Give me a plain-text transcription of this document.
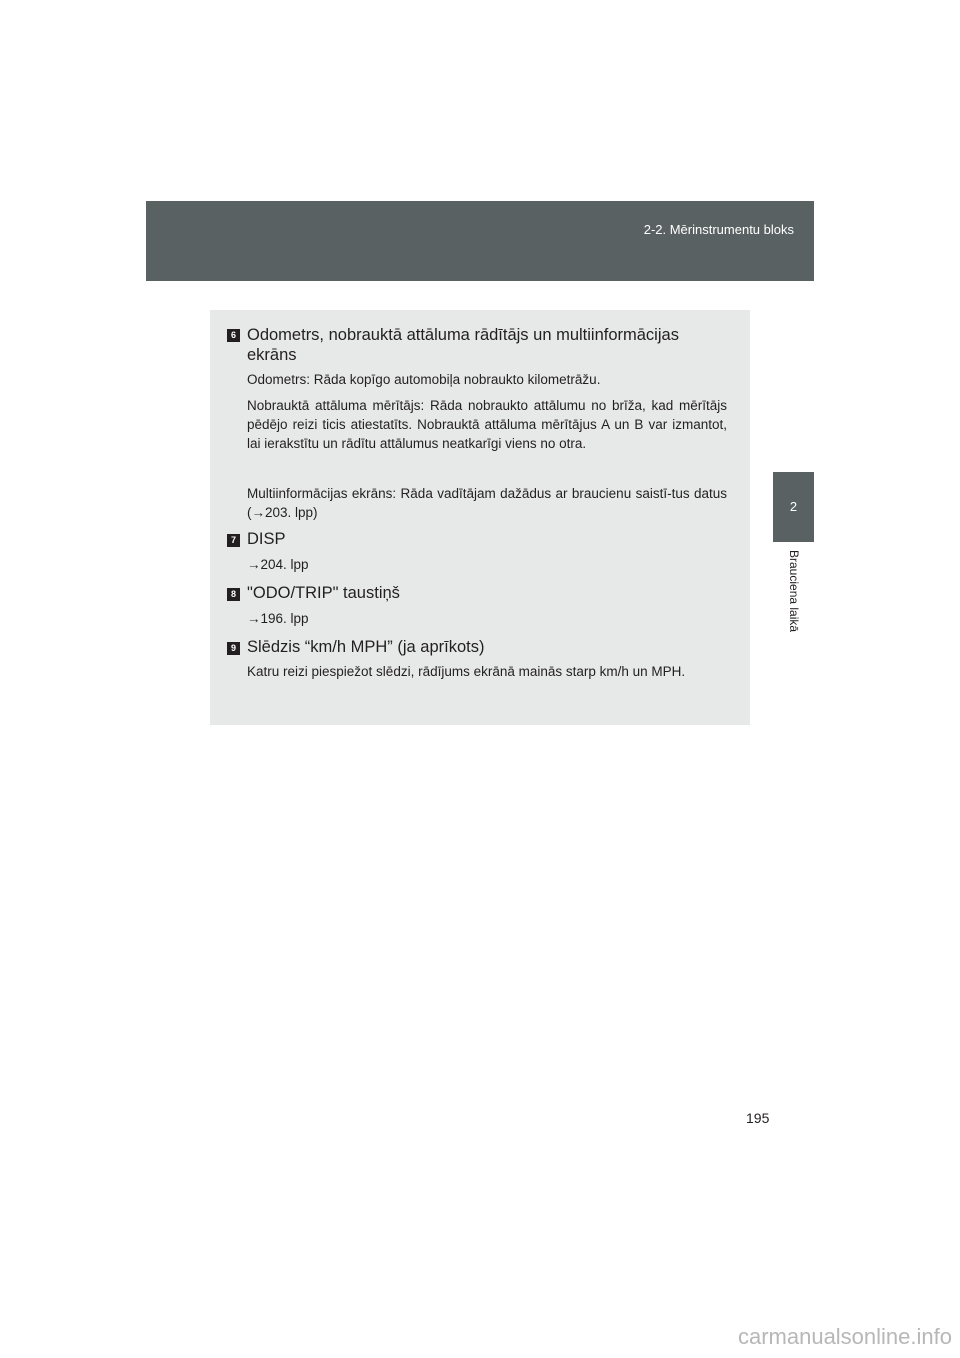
2-2. Mērinstrumentu bloks
2
Brauciena laikā
6 Odometrs, nobrauktā attāluma rādītājs un multiinformācijas
ekrāns
Odometrs: Rāda kopīgo automobiļa nobraukto kilometrāžu.
Nobrauktā attāluma mērītājs: Rāda nobraukto attālumu no brīža, kad mērītājs pēdējo reizi ticis atiestatīts. Nobrauktā attāluma mērītājus A un B var izmantot, lai ierakstītu un rādītu attālumus neatkarīgi viens no otra.
Multiinformācijas ekrāns: Rāda vadītājam dažādus ar braucienu saistī-tus datus (→203. lpp)
7 DISP
→204. lpp
8 "ODO/TRIP" taustiņš
→196. lpp
9 Slēdzis “km/h MPH” (ja aprīkots)
Katru reizi piespiežot slēdzi, rādījums ekrānā mainās starp km/h un MPH.
195
carmanualsonline.info
